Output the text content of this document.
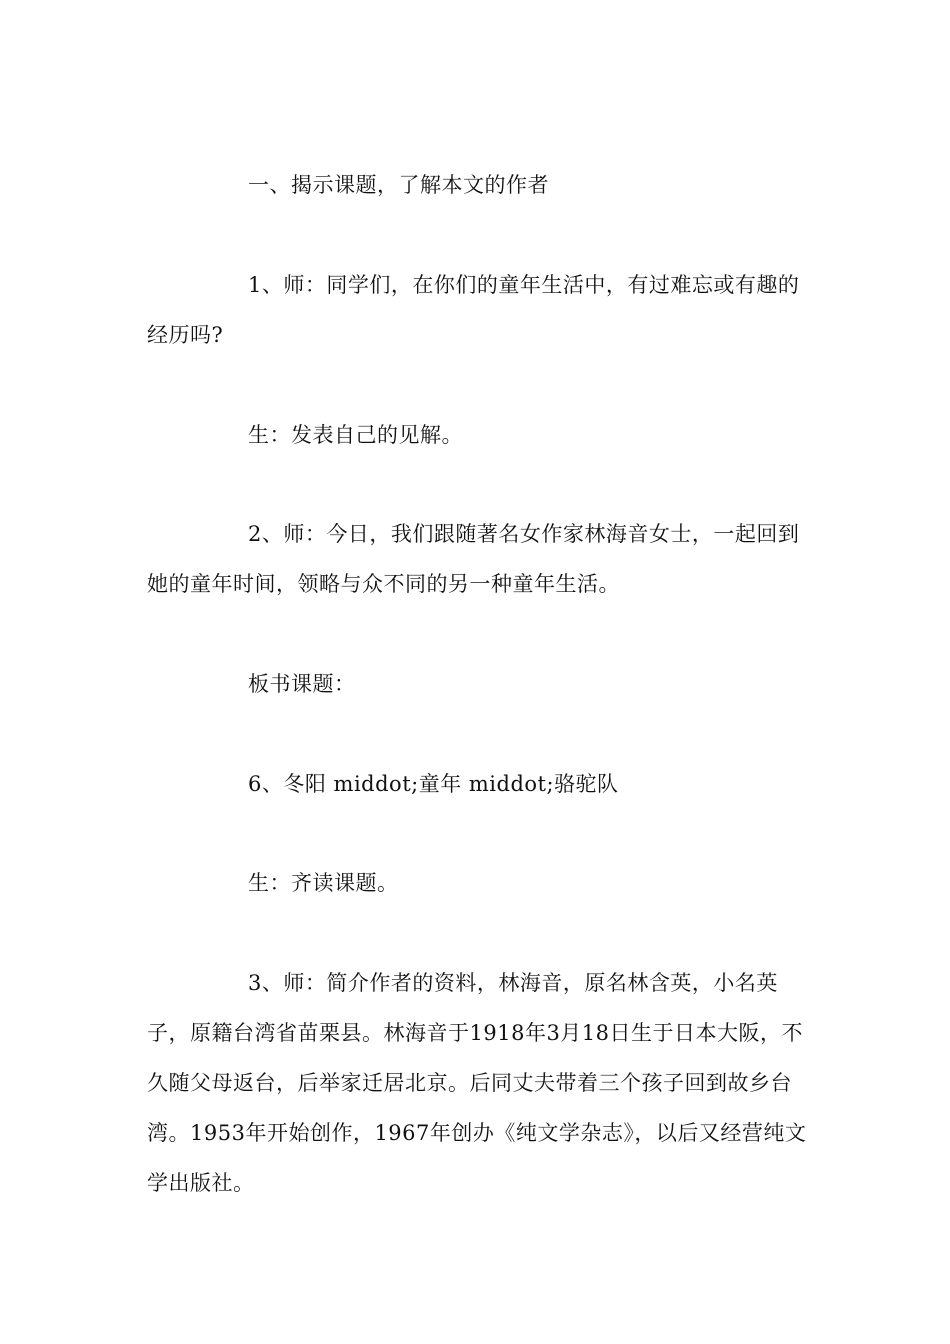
一、揭示课题，了解本文的作者

1、师：同学们，在你们的童年生活中，有过难忘或有趣的经历吗?

生：发表自己的见解。

2、师：今日，我们跟随著名女作家林海音女士，一起回到她的童年时间，领略与众不同的另一种童年生活。

板书课题：

6、冬阳 middot;童年 middot;骆驼队

生：齐读课题。

3、师：简介作者的资料，林海音，原名林含英，小名英子，原籍台湾省苗栗县。林海音于1918年3月18日生于日本大阪，不久随父母返台，后举家迁居北京。后同丈夫带着三个孩子回到故乡台湾。1953年开始创作，1967年创办《纯文学杂志》，以后又经营纯文学出版社。
